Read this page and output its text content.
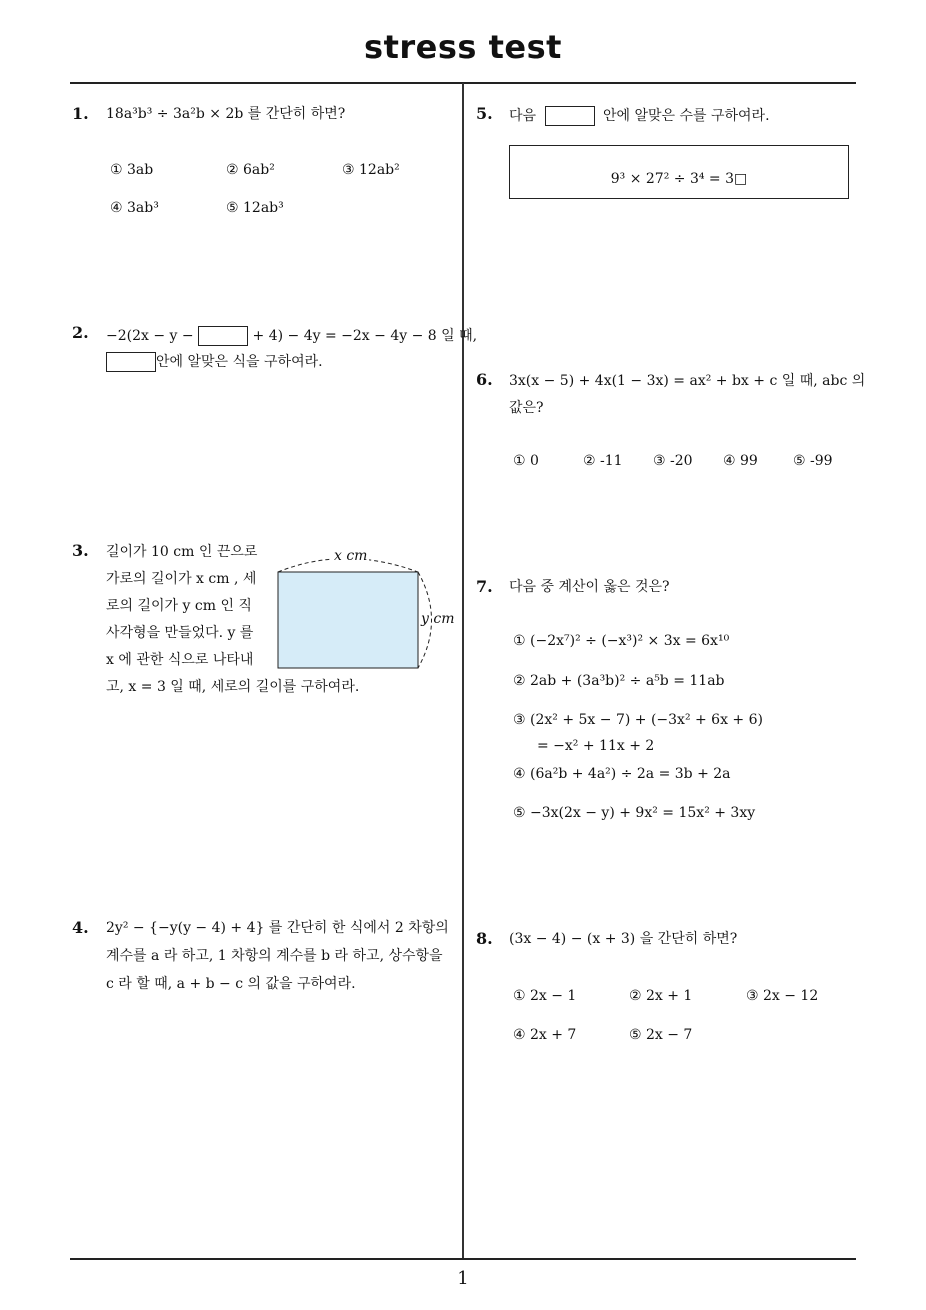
stress test
1
1. 18a³b³ ÷ 3a²b × 2b 를 간단히 하면?
① 3ab	② 6ab²	③ 12ab²
④ 3ab³	⑤ 12ab³
2. −2(2x − y −	+ 4) − 4y = −2x − 4y − 8 일 때,
안에 알맞은 식을 구하여라.
3. 길이가 10 cm 인 끈으로
가로의 길이가 x cm , 세
로의 길이가 y cm 인 직
사각형을 만들었다. y 를
x 에 관한 식으로 나타내
고, x = 3 일 때, 세로의 길이를 구하여라.
x cm
y cm
4. 2y² − {−y(y − 4) + 4} 를 간단히 한 식에서 2 차항의
계수를 a 라 하고, 1 차항의 계수를 b 라 하고, 상수항을
c 라 할 때, a + b − c 의 값을 구하여라.
5. 다음	안에 알맞은 수를 구하여라.
9³ × 27² ÷ 3⁴ = 3□
6. 3x(x − 5) + 4x(1 − 3x) = ax² + bx + c 일 때, abc 의
값은?
① 0	② -11 ③ -20 ④ 99	⑤ -99
7. 다음 중 계산이 옳은 것은?
① (−2x⁷)² ÷ (−x³)² × 3x = 6x¹⁰
② 2ab + (3a³b)² ÷ a⁵b = 11ab
③ (2x² + 5x − 7) + (−3x² + 6x + 6)
= −x² + 11x + 2
④ (6a²b + 4a²) ÷ 2a = 3b + 2a
⑤ −3x(2x − y) + 9x² = 15x² + 3xy
8. (3x − 4) − (x + 3) 을 간단히 하면?
① 2x − 1	② 2x + 1	③ 2x − 12
④ 2x + 7	⑤ 2x − 7
